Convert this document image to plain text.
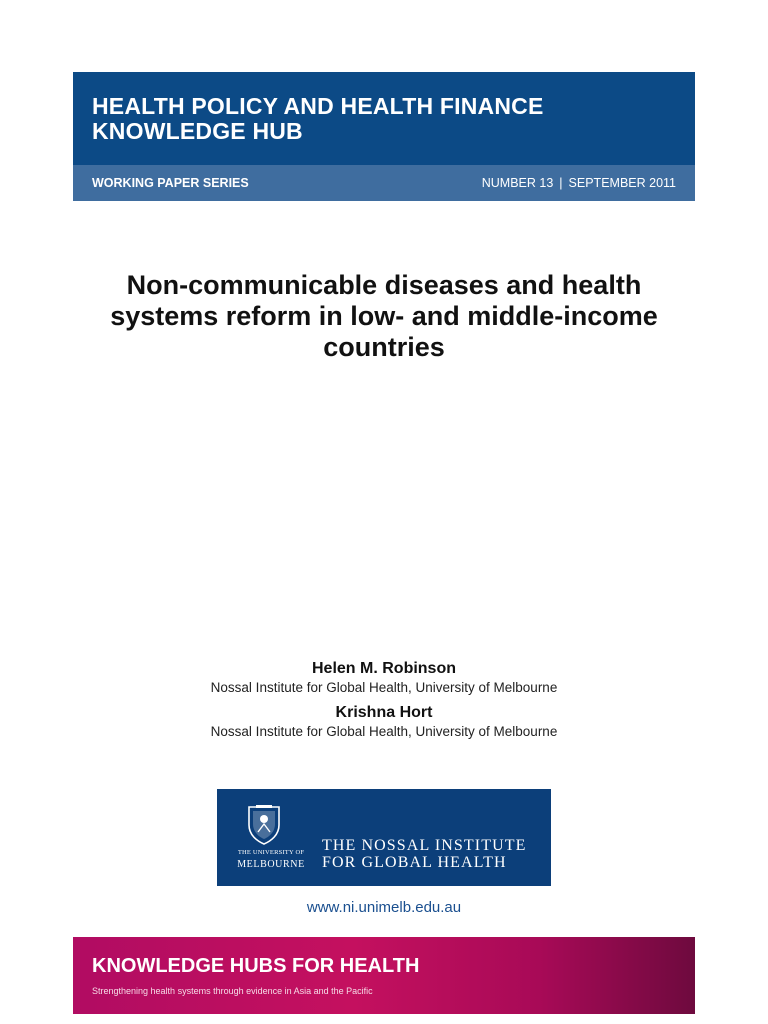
HEALTH POLICY AND HEALTH FINANCE
KNOWLEDGE HUB
WORKING PAPER SERIES	NUMBER 13 | SEPTEMBER 2011
Non-communicable diseases and health
systems reform in low- and middle-income
countries
Helen M. Robinson
Nossal Institute for Global Health, University of Melbourne
Krishna Hort
Nossal Institute for Global Health, University of Melbourne
THE UNIVERSITY OF
MELBOURNE
THE NOSSAL INSTITUTE
FOR GLOBAL HEALTH
www.ni.unimelb.edu.au
KNOWLEDGE HUBS FOR HEALTH
Strengthening health systems through evidence in Asia and the Pacific
